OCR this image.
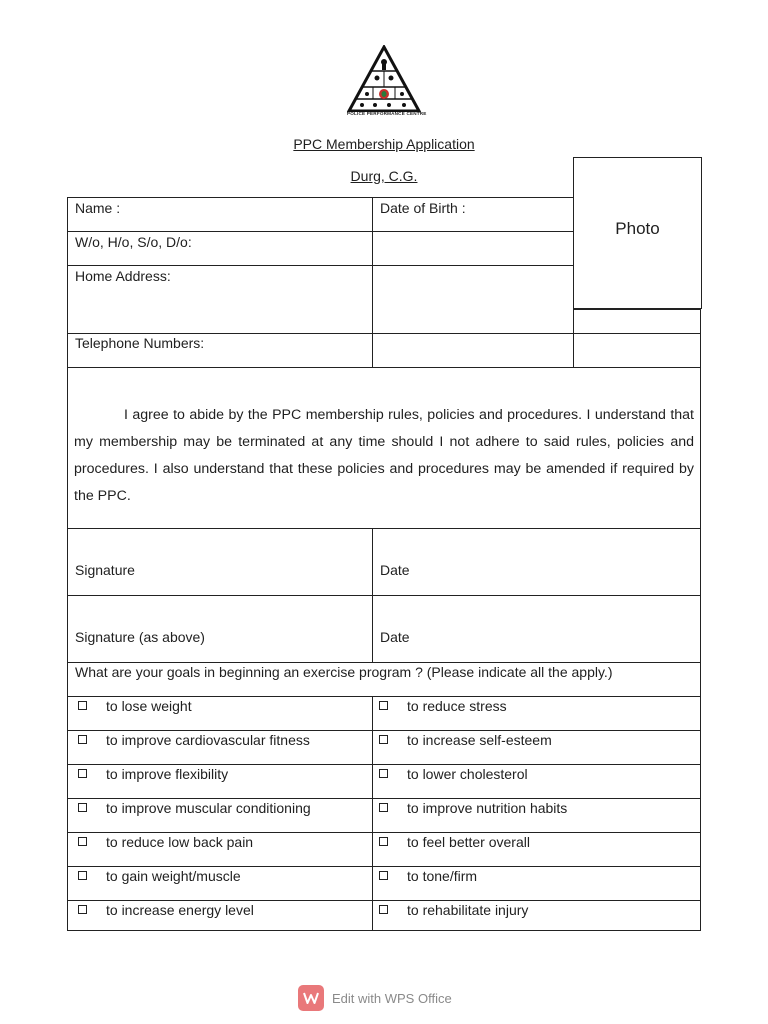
POLICE PERFORMANCE CENTRE
PPC Membership Application
Durg, C.G.
Photo
Name :	Date of Birth :
W/o, H/o, S/o, D/o:
Home Address:
Telephone Numbers:
I agree to abide by the PPC membership rules, policies and procedures. I understand that my membership may be terminated at any time should I not adhere to said rules, policies and procedures. I also understand that these policies and procedures may be amended if required by the PPC.
Signature	Date
Signature (as above)	Date
What are your goals in beginning an exercise program ? (Please indicate all the apply.)
to lose weight	to reduce stress
to improve cardiovascular fitness	to increase self-esteem
to improve flexibility	to lower cholesterol
to improve muscular conditioning	to improve nutrition habits
to reduce low back pain	to feel better overall
to gain weight/muscle	to tone/firm
to increase energy level	to rehabilitate injury
Edit with WPS Office
